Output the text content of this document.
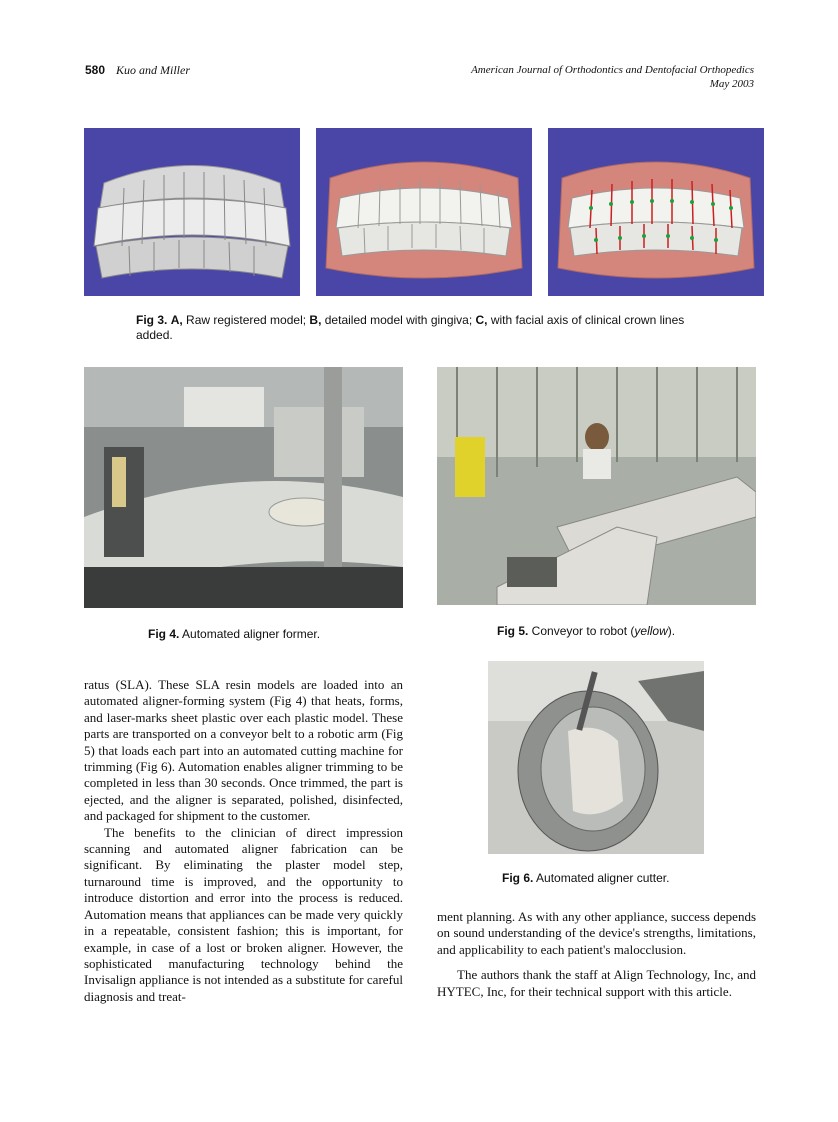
580 Kuo and Miller	American Journal of Orthodontics and Dentofacial Orthopedics
May 2003
Fig 3. A, Raw registered model; B, detailed model with gingiva; C, with facial axis of clinical crown lines added.
Fig 4. Automated aligner former.	Fig 5. Conveyor to robot (yellow).
Fig 6. Automated aligner cutter.

ratus (SLA). These SLA resin models are loaded into an automated aligner-forming system (Fig 4) that heats, forms, and laser-marks sheet plastic over each plastic model. These parts are transported on a conveyor belt to a robotic arm (Fig 5) that loads each part into an automated cutting machine for trimming (Fig 6). Automation enables aligner trimming to be completed in less than 30 seconds. Once trimmed, the part is ejected, and the aligner is separated, polished, disinfected, and packaged for shipment to the customer.

The benefits to the clinician of direct impression scanning and automated aligner fabrication can be significant. By eliminating the plaster model step, turnaround time is improved, and the opportunity to introduce distortion and error into the process is reduced. Automation means that appliances can be made very quickly in a repeatable, consistent fashion; this is important, for example, in case of a lost or broken aligner. However, the sophisticated manufacturing technology behind the Invisalign appliance is not intended as a substitute for careful diagnosis and treat-

ment planning. As with any other appliance, success depends on sound understanding of the device's strengths, limitations, and applicability to each patient's malocclusion.

The authors thank the staff at Align Technology, Inc, and HYTEC, Inc, for their technical support with this article.
